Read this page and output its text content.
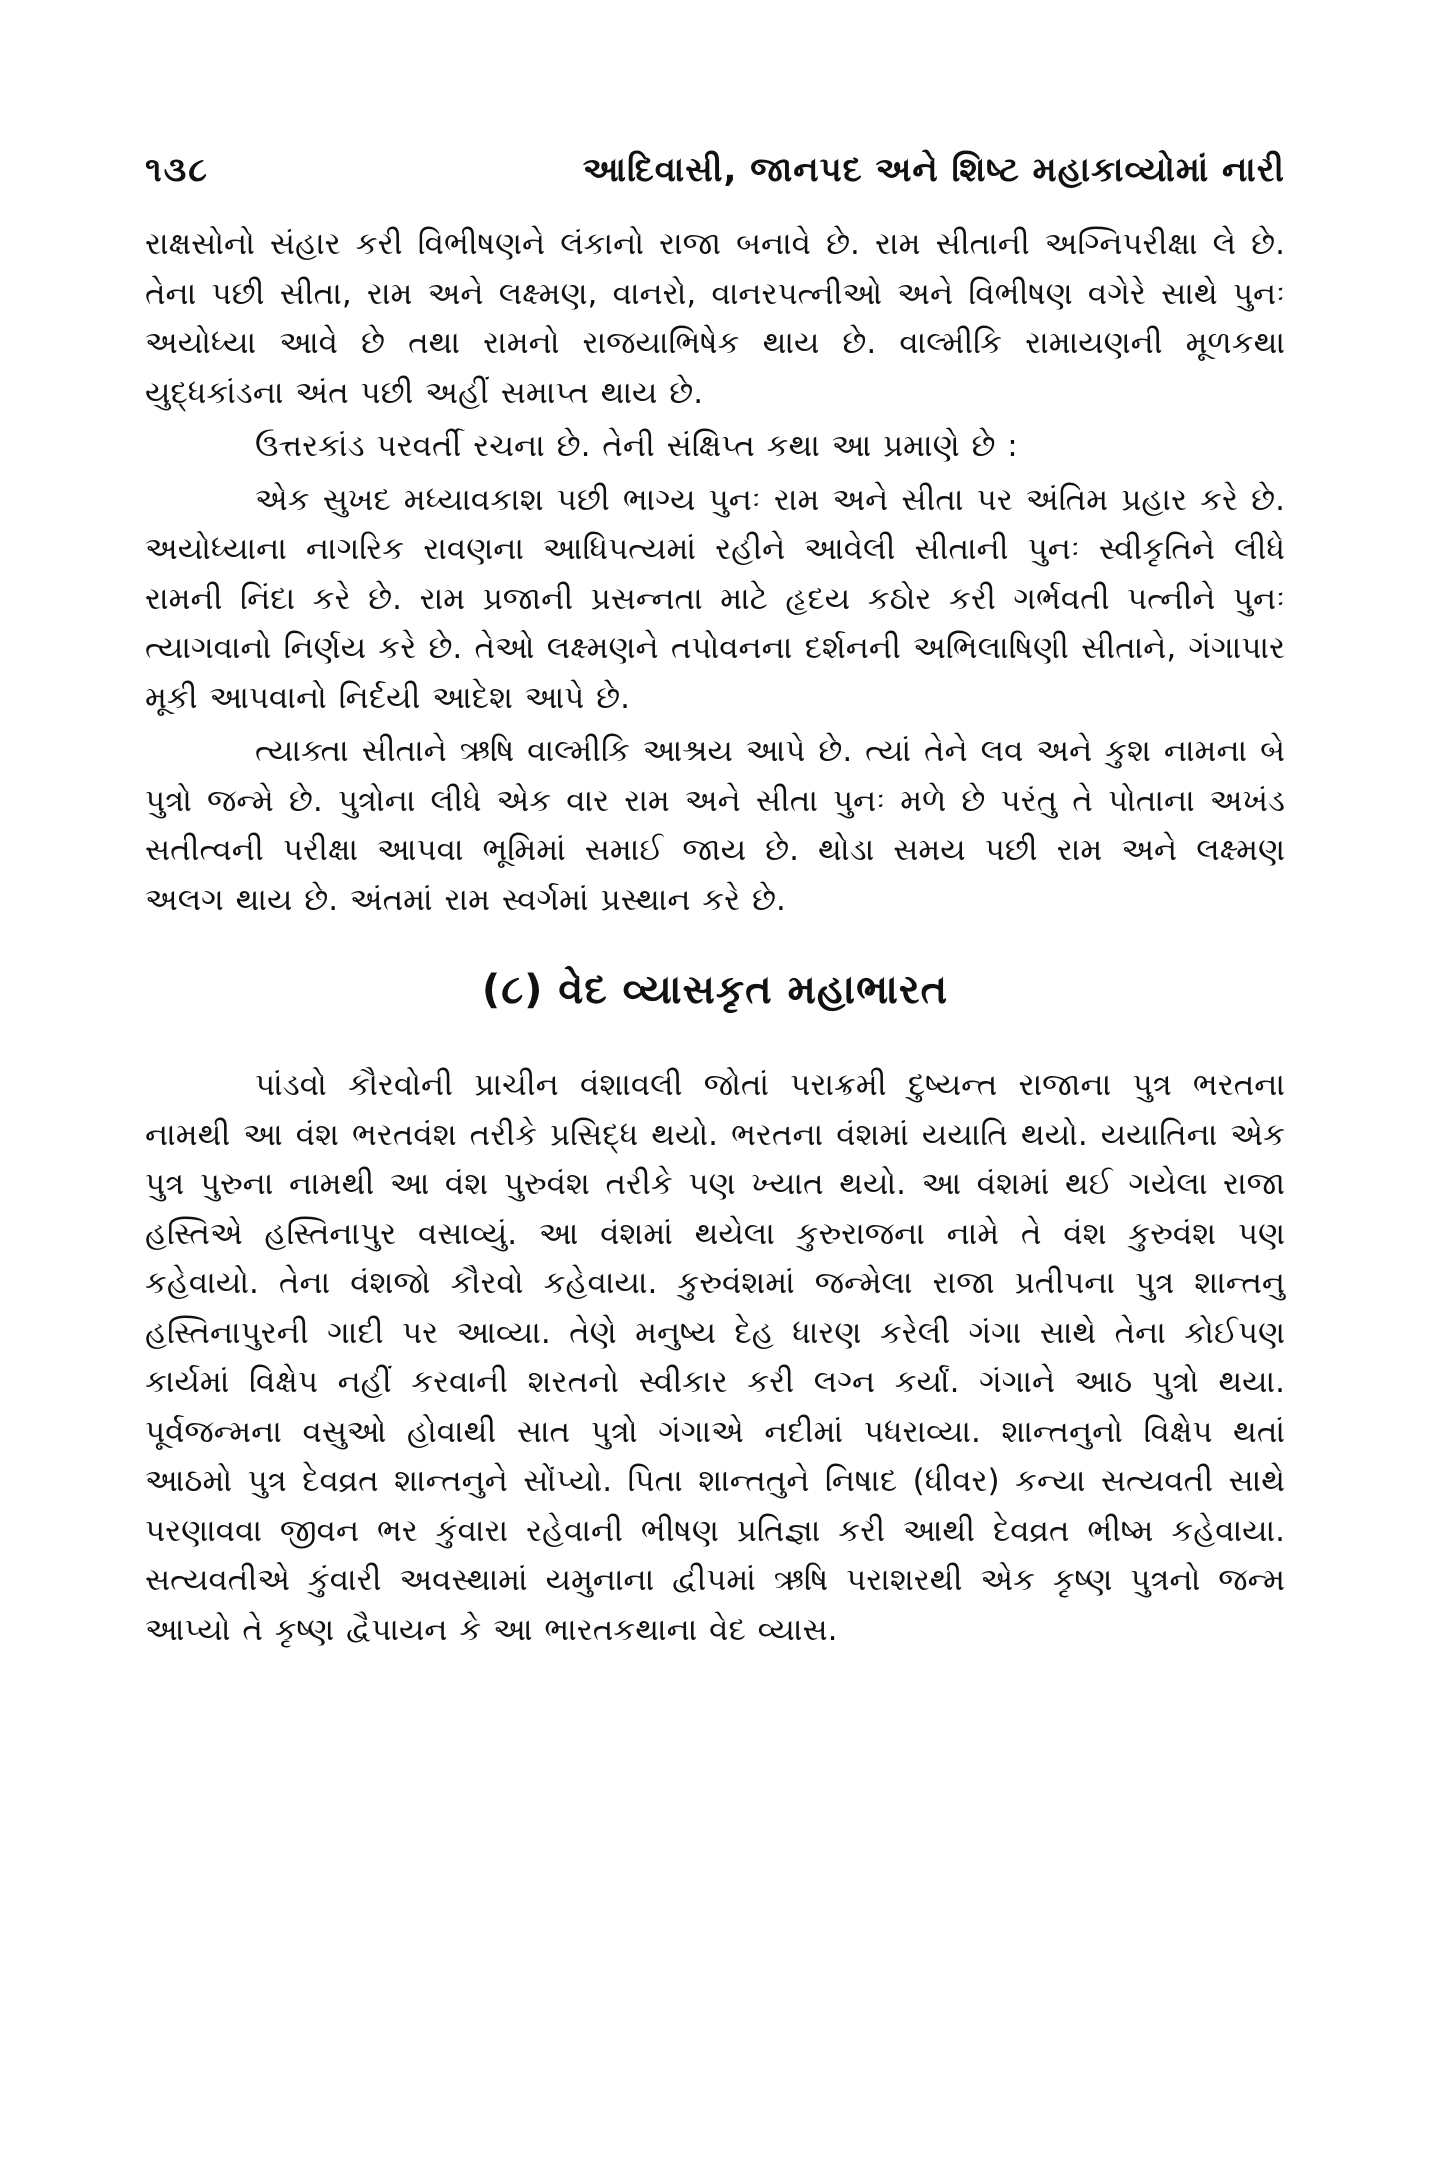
૧૩૮	આદિવાસી, જાનપદ અને શિષ્ટ મહાકાવ્યોમાં નારી

રાક્ષસોનો સંહાર કરી વિભીષણને લંકાનો રાજા બનાવે છે. રામ સીતાની અગ્નિપરીક્ષા લે છે. તેના પછી સીતા, રામ અને લક્ષ્મણ, વાનરો, વાનરપત્નીઓ અને વિભીષણ વગેરે સાથે પુનઃ અયોધ્યા આવે છે તથા રામનો રાજયાભિષેક થાય છે. વાલ્મીકિ રામાયણની મૂળકથા યુદ્ધકાંડના અંત પછી અહીં સમાપ્ત થાય છે.

ઉત્તરકાંડ પરવર્તી રચના છે. તેની સંક્ષિપ્ત કથા આ પ્રમાણે છે :

એક સુખદ મધ્યાવકાશ પછી ભાગ્ય પુનઃ રામ અને સીતા પર અંતિમ પ્રહાર કરે છે. અયોધ્યાના નાગરિક રાવણના આધિપત્યમાં રહીને આવેલી સીતાની પુનઃ સ્વીકૃતિને લીધે રામની નિંદા કરે છે. રામ પ્રજાની પ્રસન્નતા માટે હૃદય કઠોર કરી ગર્ભવતી પત્નીને પુનઃ ત્યાગવાનો નિર્ણય કરે છે. તેઓ લક્ષ્મણને તપોવનના દર્શનની અભિલાષિણી સીતાને, ગંગાપાર મૂકી આપવાનો નિર્દયી આદેશ આપે છે.

ત્યાક્તા સીતાને ઋષિ વાલ્મીકિ આશ્રય આપે છે. ત્યાં તેને લવ અને કુશ નામના બે પુત્રો જન્મે છે. પુત્રોના લીધે એક વાર રામ અને સીતા પુનઃ મળે છે પરંતુ તે પોતાના અખંડ સતીત્વની પરીક્ષા આપવા ભૂમિમાં સમાઈ જાય છે. થોડા સમય પછી રામ અને લક્ષ્મણ અલગ થાય છે. અંતમાં રામ સ્વર્ગમાં પ્રસ્થાન કરે છે.

(૮) વેદ વ્યાસકૃત મહાભારત

પાંડવો કૌરવોની પ્રાચીન વંશાવલી જોતાં પરાક્રમી દુષ્યન્ત રાજાના પુત્ર ભરતના નામથી આ વંશ ભરતવંશ તરીકે પ્રસિદ્ધ થયો. ભરતના વંશમાં યયાતિ થયો. યયાતિના એક પુત્ર પુરુના નામથી આ વંશ પુરુવંશ તરીકે પણ ખ્યાત થયો. આ વંશમાં થઈ ગયેલા રાજા હસ્તિએ હસ્તિનાપુર વસાવ્યું. આ વંશમાં થયેલા કુરુરાજના નામે તે વંશ કુરુવંશ પણ કહેવાયો. તેના વંશજો કૌરવો કહેવાયા. કુરુવંશમાં જન્મેલા રાજા પ્રતીપના પુત્ર શાન્તનુ હસ્તિનાપુરની ગાદી પર આવ્યા. તેણે મનુષ્ય દેહ ધારણ કરેલી ગંગા સાથે તેના કોઈપણ કાર્યમાં વિક્ષેપ નહીં કરવાની શરતનો સ્વીકાર કરી લગ્ન કર્યાં. ગંગાને આઠ પુત્રો થયા. પૂર્વજન્મના વસુઓ હોવાથી સાત પુત્રો ગંગાએ નદીમાં પધરાવ્યા. શાન્તનુનો વિક્ષેપ થતાં આઠમો પુત્ર દેવવ્રત શાન્તનુને સોંપ્યો. પિતા શાન્તતુને નિષાદ (ધીવર) કન્યા સત્યવતી સાથે પરણાવવા જીવન ભર કુંવારા રહેવાની ભીષણ પ્રતિજ્ઞા કરી આથી દેવવ્રત ભીષ્મ કહેવાયા. સત્યવતીએ કુંવારી અવસ્થામાં યમુનાના દ્વીપમાં ઋષિ પરાશરથી એક કૃષ્ણ પુત્રનો જન્મ આપ્યો તે કૃષ્ણ દ્વૈપાયન કે આ ભારતકથાના વેદ વ્યાસ.
